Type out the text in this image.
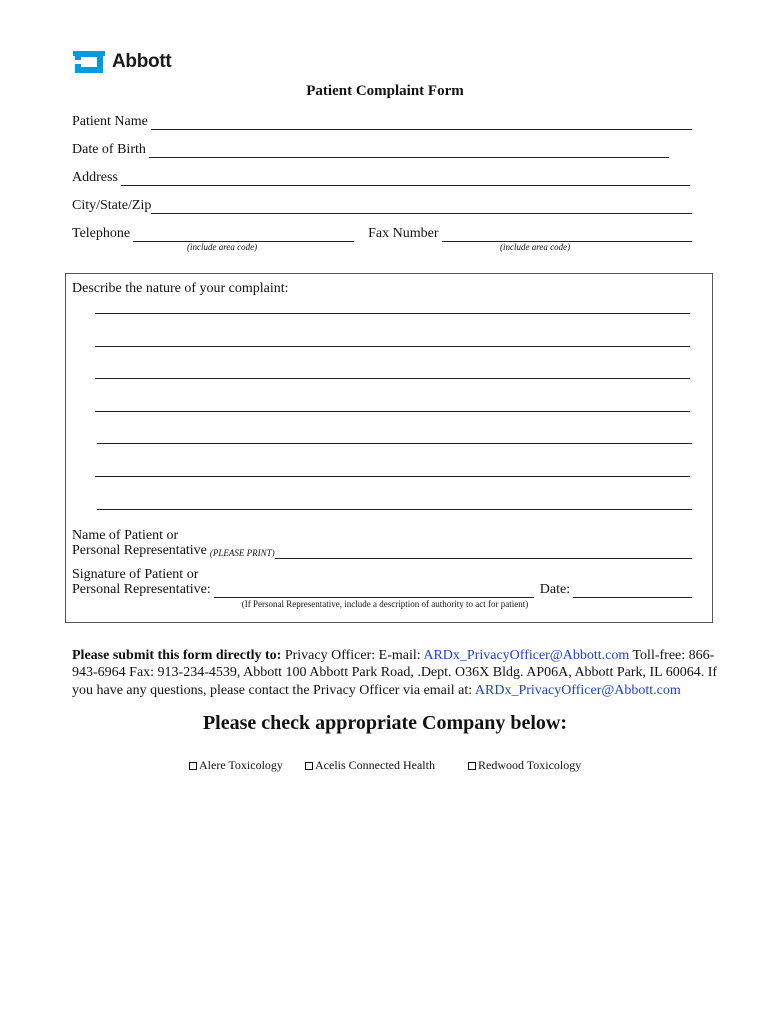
Abbott
Patient Complaint Form
Patient Name
Date of Birth
Address
City/State/Zip
Telephone	Fax Number
(include area code)	(include area code)
Describe the nature of your complaint:
Name of Patient or
Personal Representative (PLEASE PRINT)
Signature of Patient or
Personal Representative:	Date:
(If Personal Representative, include a description of authority to act for patient)
Please submit this form directly to: Privacy Officer: E-mail: ARDx_PrivacyOfficer@Abbott.com Toll-free: 866-943-6964 Fax: 913-234-4539, Abbott 100 Abbott Park Road, .Dept. O36X Bldg. AP06A, Abbott Park, IL 60064. If you have any questions, please contact the Privacy Officer via email at: ARDx_PrivacyOfficer@Abbott.com
Please check appropriate Company below:
Alere Toxicology	Acelis Connected Health	Redwood Toxicology
